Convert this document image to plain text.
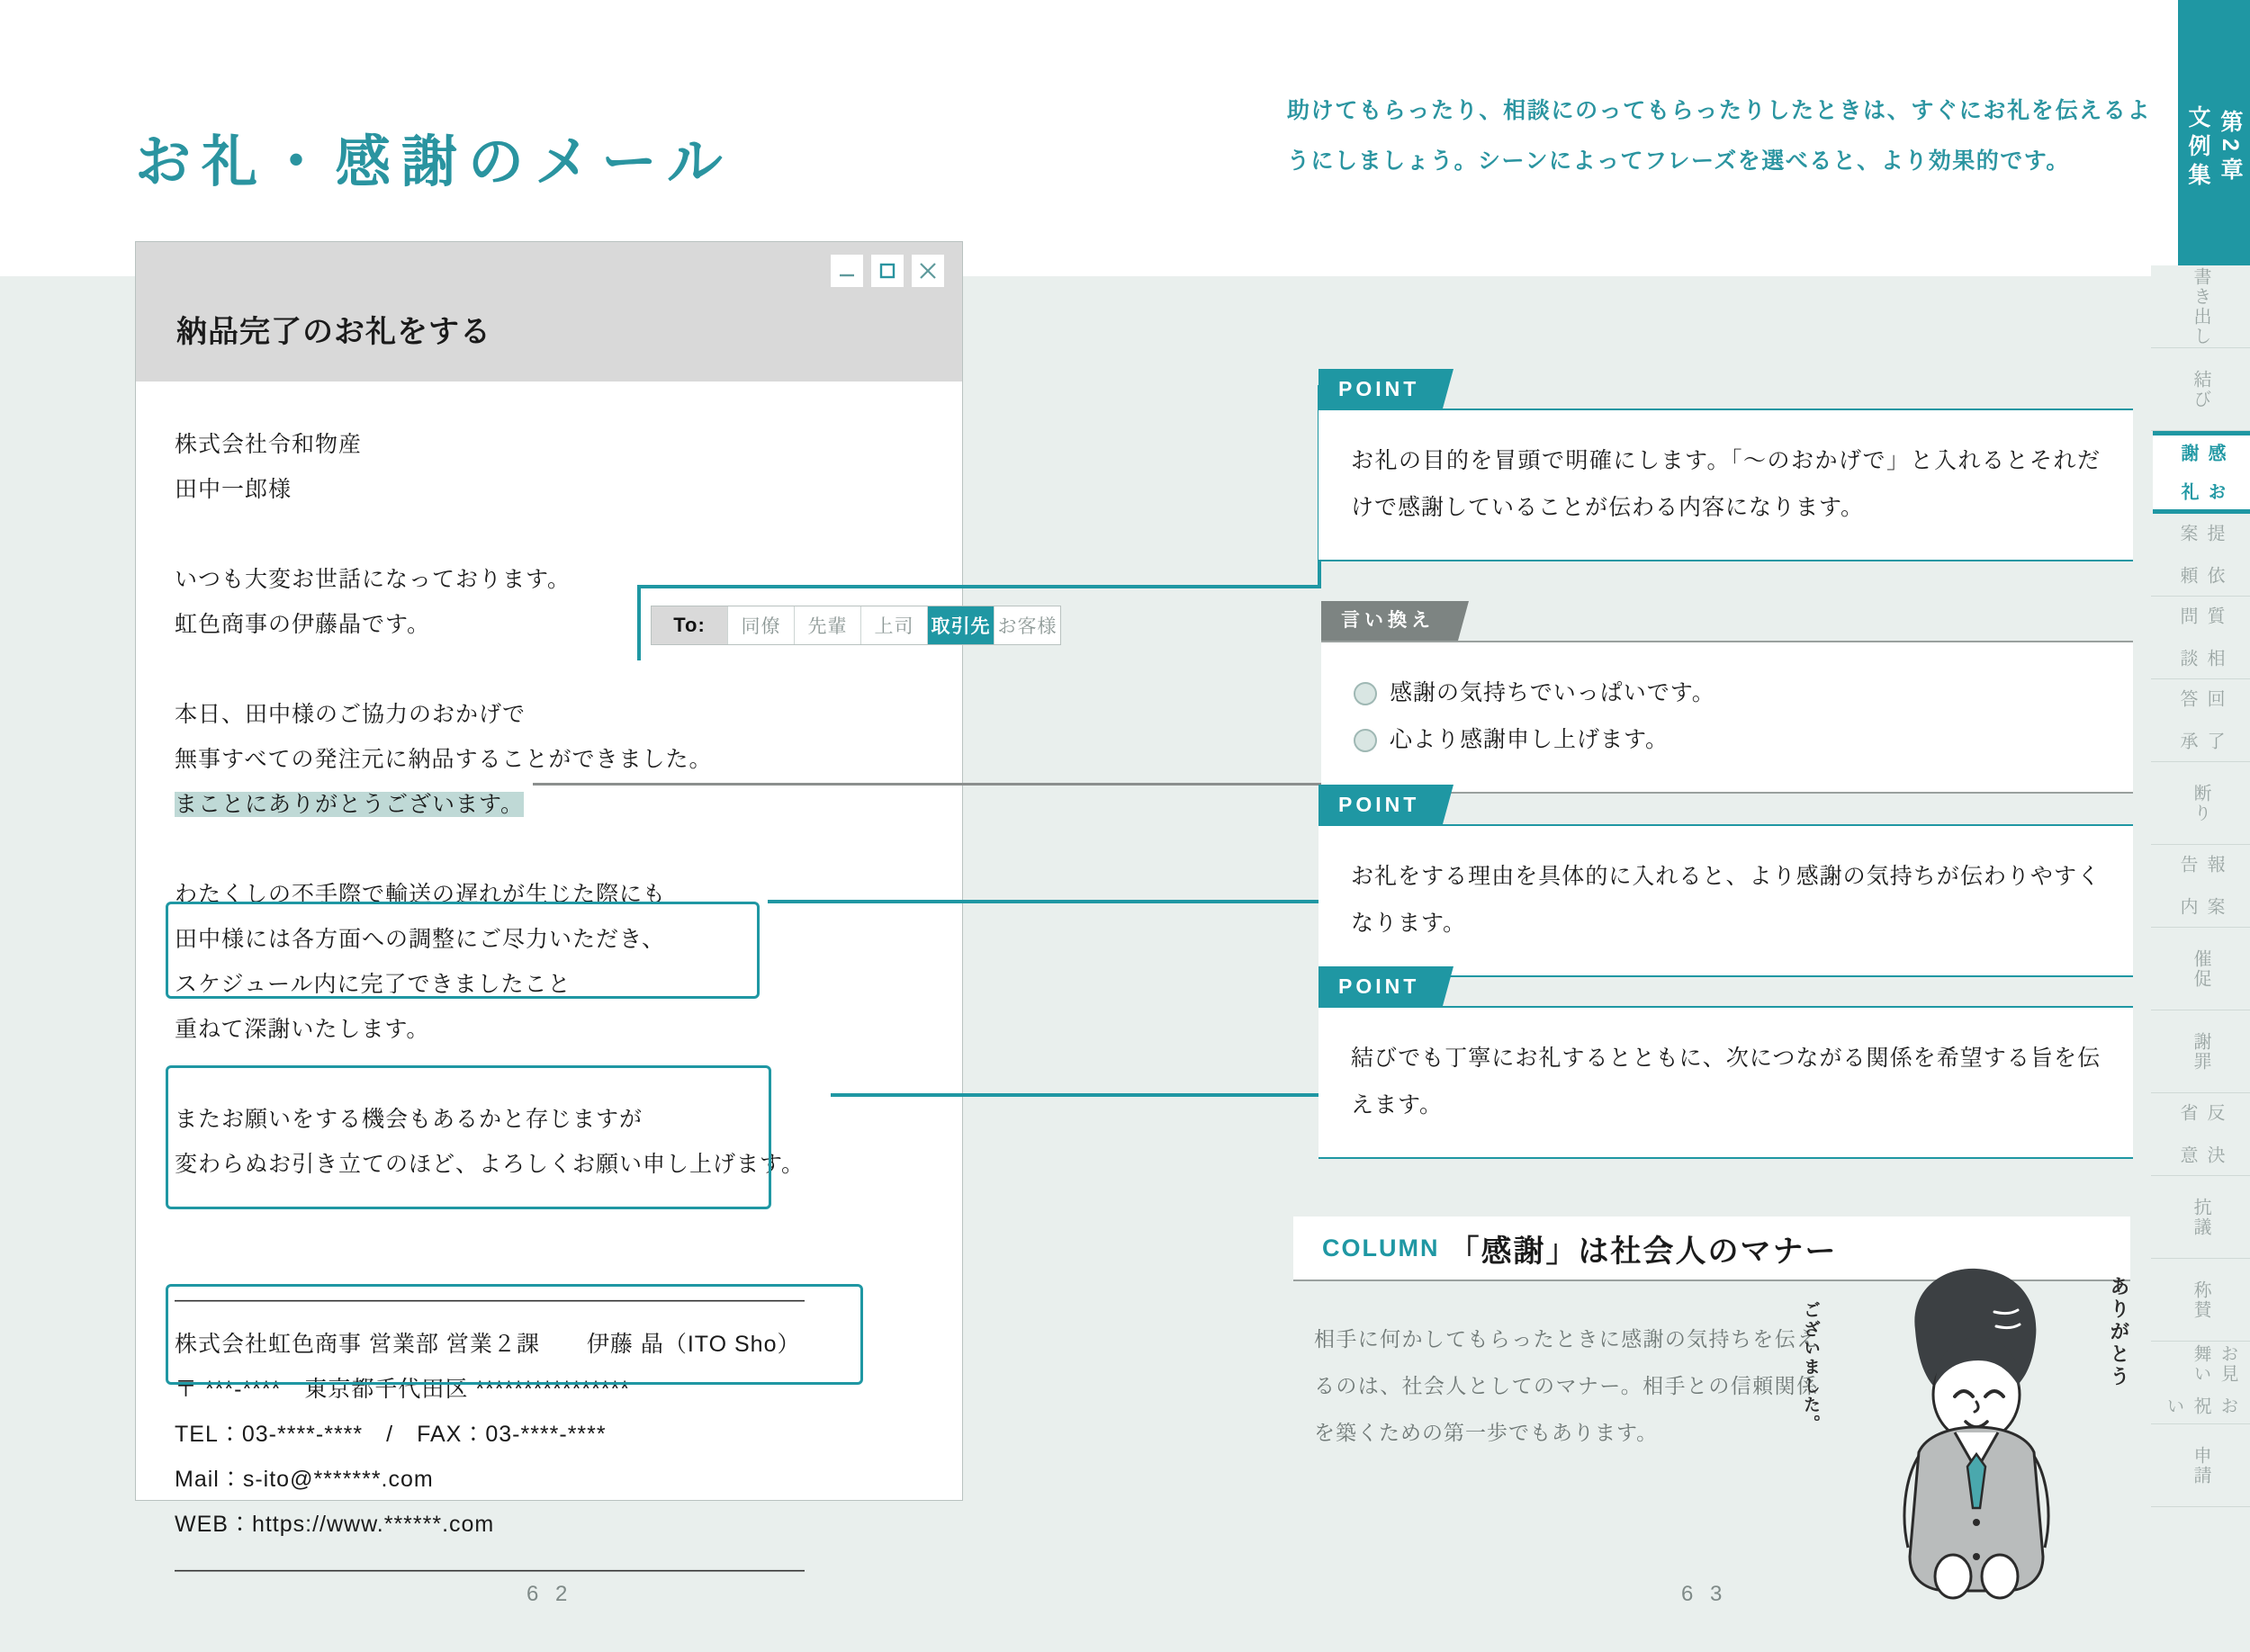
お礼・感謝のメール
助けてもらったり、相談にのってもらったりしたときは、すぐにお礼を伝えるようにしましょう。シーンによってフレーズを選べると、より効果的です。	第2章
文例集
書き出し
結び
お礼
感謝
依頼
提案
相談
質問
了承
回答
断り
案内
報告
催促
謝罪
決意
反省
抗議
称賛
お祝い
お見舞い
申請
納品完了のお礼をする
To:	同僚	先輩	上司 取引先 お客様
株式会社令和物産
田中一郎様
いつも大変お世話になっております。
虹色商事の伊藤晶です。
本日、田中様のご協力のおかげで
無事すべての発注元に納品することができました。
まことにありがとうございます。
わたくしの不手際で輸送の遅れが生じた際にも
田中様には各方面への調整にご尽力いただき、
スケジュール内に完了できましたこと
重ねて深謝いたします。
またお願いをする機会もあるかと存じますが
変わらぬお引き立てのほど、よろしくお願い申し上げます。
――――――――――――――――――――――――――――
株式会社虹色商事 営業部 営業２課　　伊藤 晶（ITO Sho）
〒 ***-****　東京都千代田区 ****************
TEL：03-****-****　/　FAX：03-****-****
Mail：s-ito@*******.com
WEB：https://www.******.com
――――――――――――――――――――――――――――
POINT

お礼の目的を冒頭で明確にします。「〜のおかげで」と入れるとそれだけで感謝していることが伝わる内容になります。

言い換え

感謝の気持ちでいっぱいです。

心より感謝申し上げます。

POINT

お礼をする理由を具体的に入れると、より感謝の気持ちが伝わりやすくなります。

POINT

結びでも丁寧にお礼するとともに、次につながる関係を希望する旨を伝えます。

COLUMN 「感謝」は社会人のマナー
相手に何かしてもらったときに感謝の気持ちを伝えるのは、社会人としてのマナー。相手との信頼関係を築くための第一歩でもあります。
ありがとう
ございました。
6 2	6 3
